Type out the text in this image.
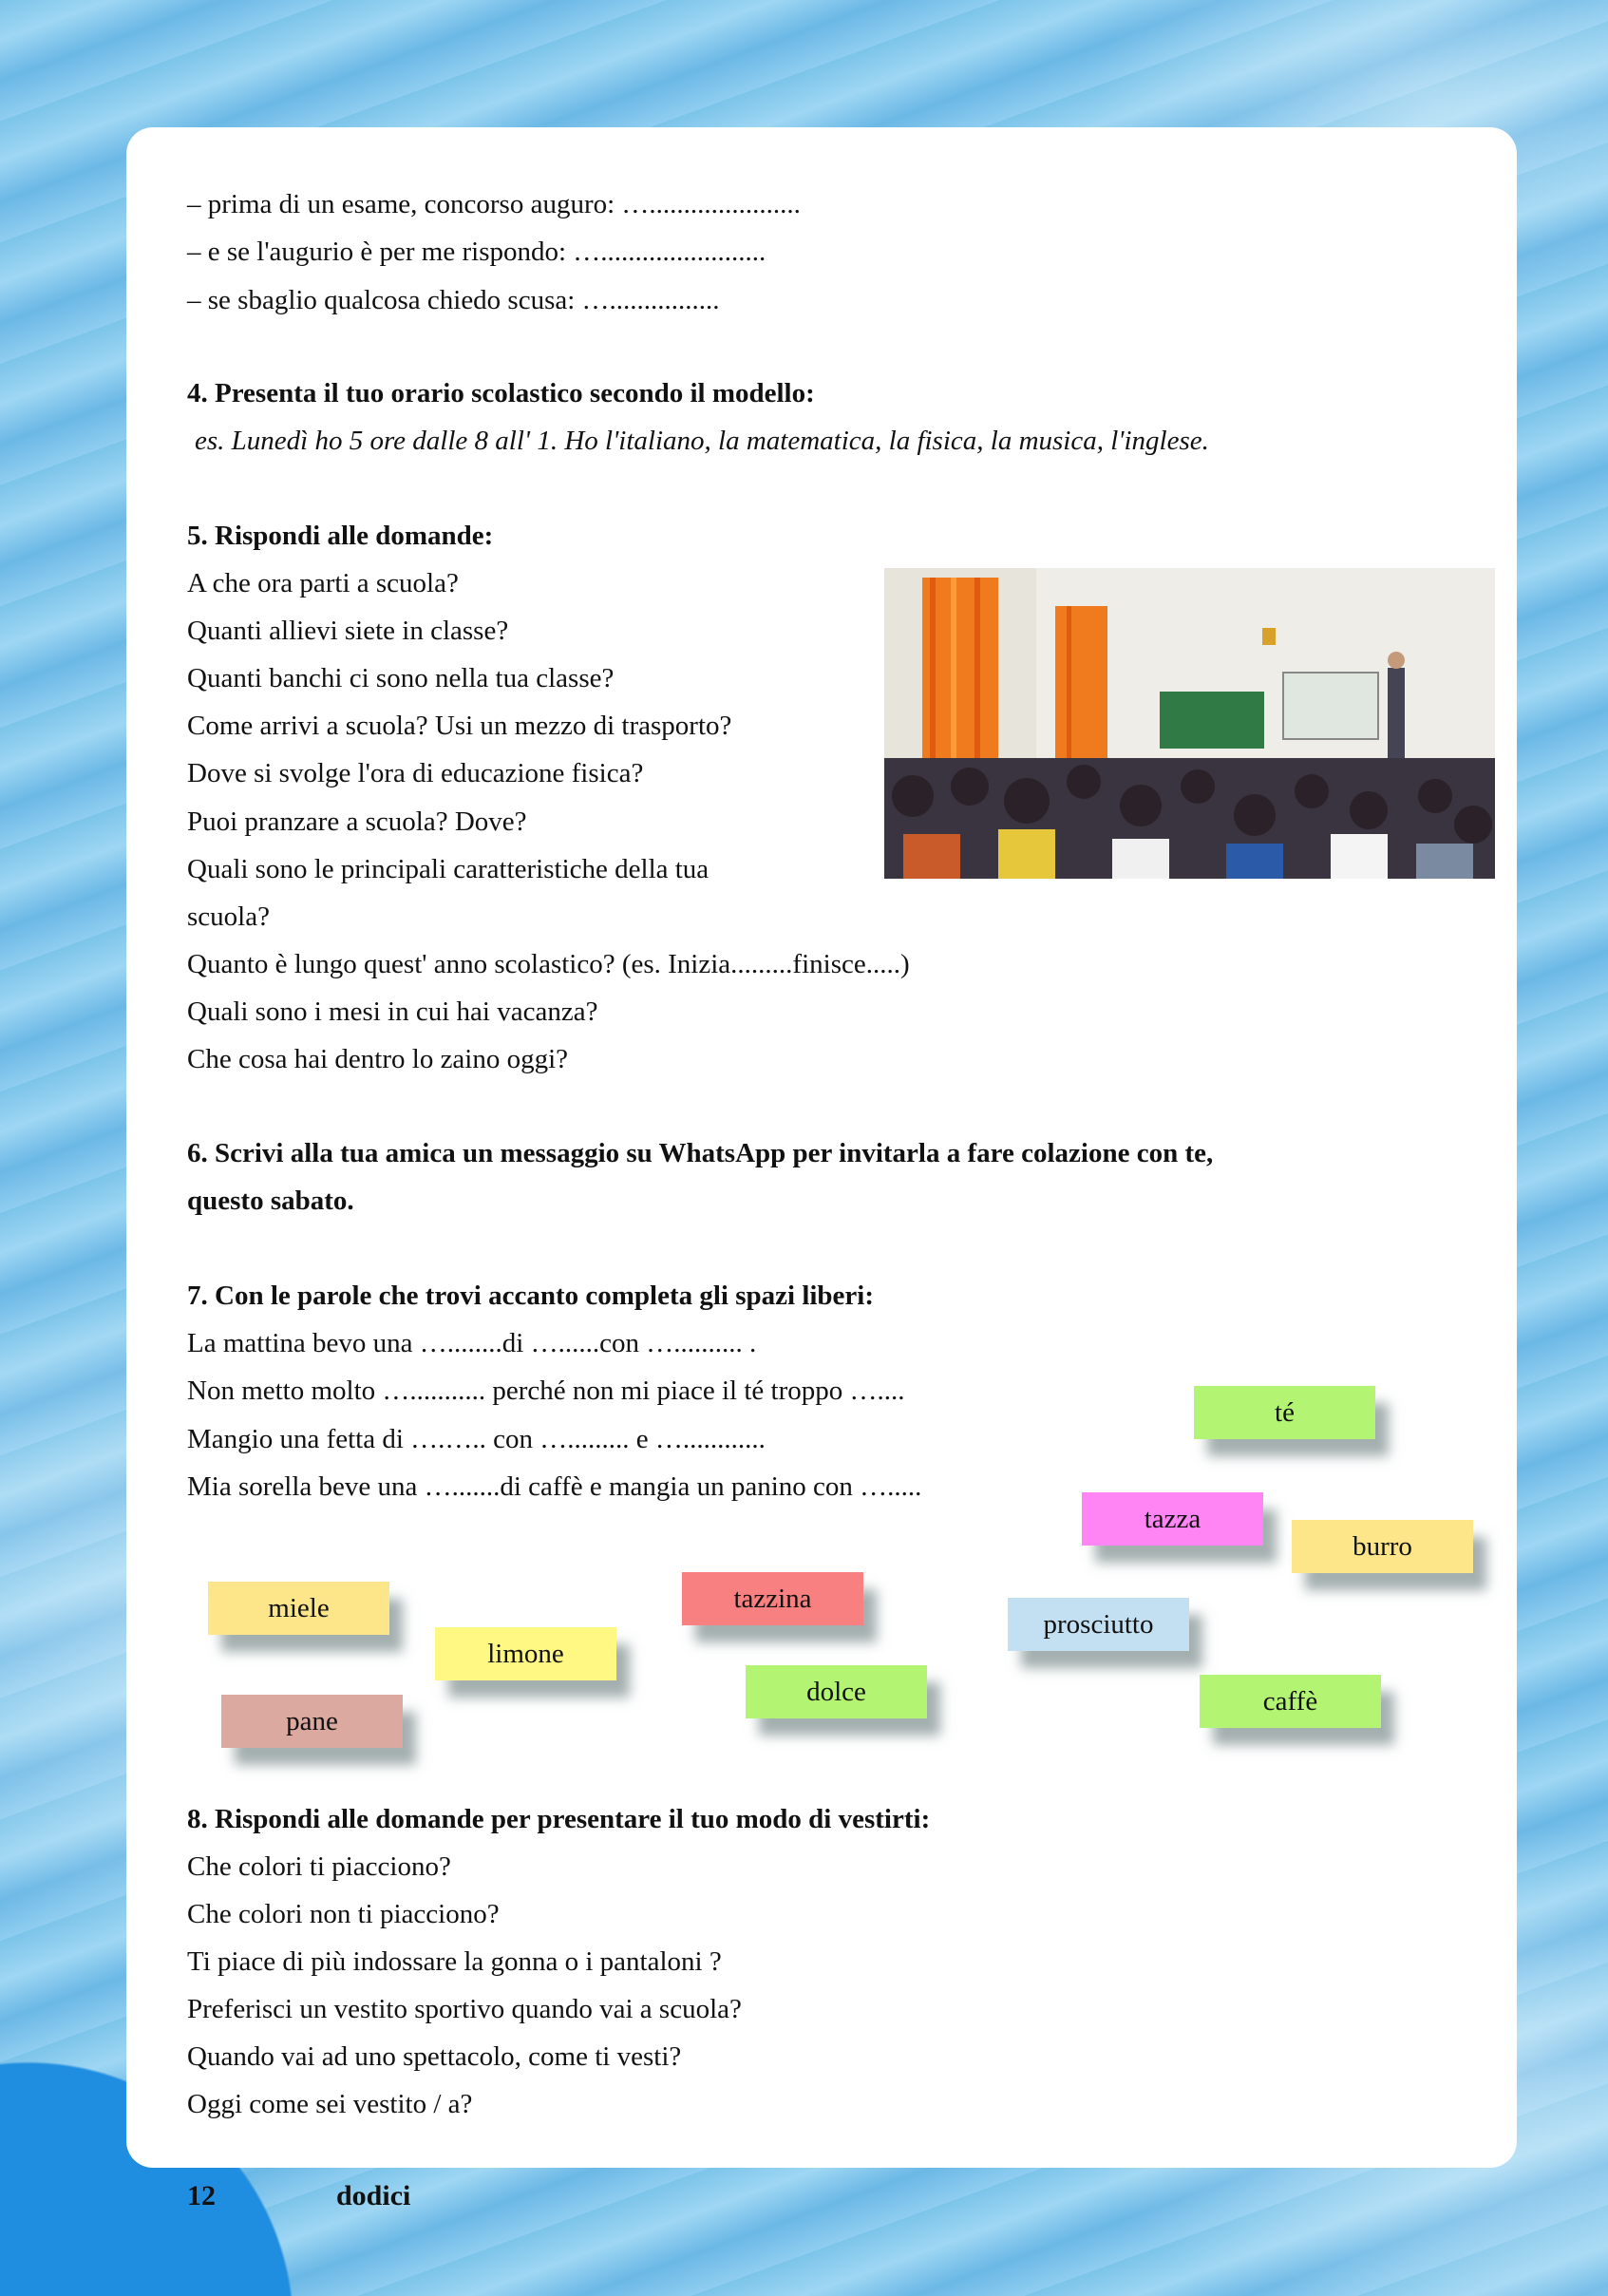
– prima di un esame, concorso auguro: …......................
– e se l'augurio è per me rispondo: …........................
– se sbaglio qualcosa chiedo scusa: …................
4. Presenta il tuo orario scolastico secondo il modello:
es. Lunedì ho 5 ore dalle 8 all' 1. Ho l'italiano, la matematica, la fisica, la musica, l'inglese.
5. Rispondi alle domande:
A che ora parti a scuola?
Quanti allievi siete in classe?
Quanti banchi ci sono nella tua classe?
Come arrivi a scuola? Usi un mezzo di trasporto?
Dove si svolge l'ora di educazione fisica?
Puoi pranzare a scuola? Dove?
Quali sono le principali caratteristiche della tua
scuola?
Quanto è lungo quest' anno scolastico? (es. Inizia.........finisce.....)
Quali sono i mesi in cui hai vacanza?
Che cosa hai dentro lo zaino oggi?
6. Scrivi alla tua amica un messaggio su WhatsApp per invitarla a fare colazione con te,
questo sabato.
7. Con le parole che trovi accanto completa gli spazi liberi:
La mattina bevo una …........di …......con ….......... .
Non metto molto …........... perché non mi piace il té troppo …....
Mangio una fetta di ….….. con …......... e …............
Mia sorella beve una ….......di caffè e mangia un panino con ….....
té
tazza
burro
miele
limone
tazzina
prosciutto
dolce	caffè
pane
8. Rispondi alle domande per presentare il tuo modo di vestirti:
Che colori ti piacciono?
Che colori non ti piacciono?
Ti piace di più indossare la gonna o i pantaloni ?
Preferisci un vestito sportivo quando vai a scuola?
Quando vai ad uno spettacolo, come ti vesti?
Oggi come sei vestito / a?
12	dodici
